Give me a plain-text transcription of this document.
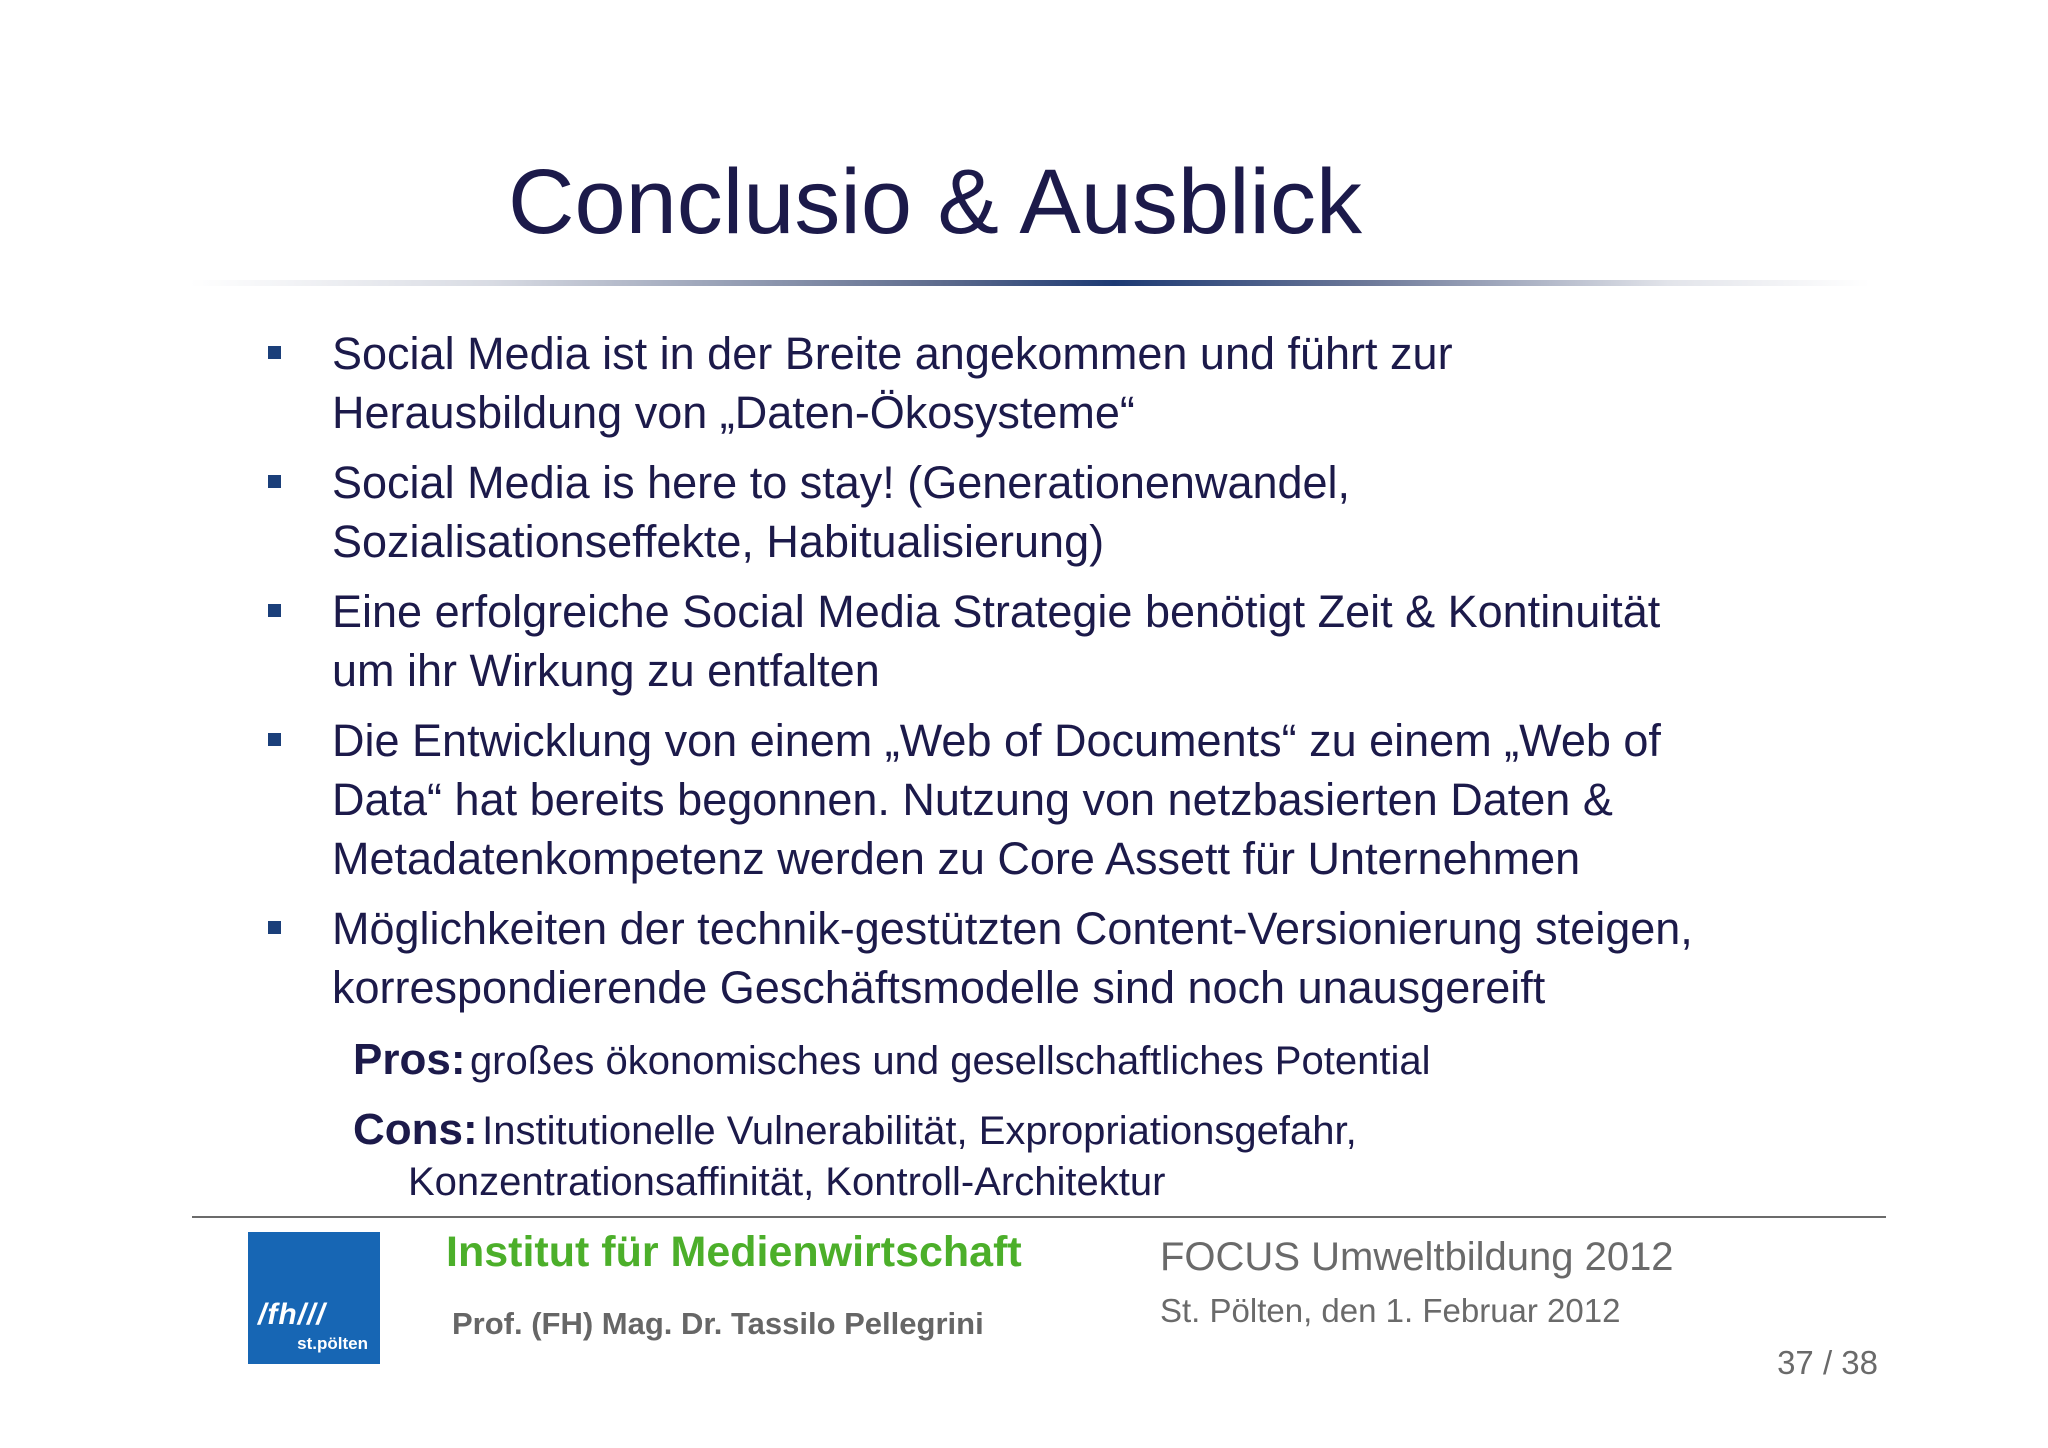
Conclusio & Ausblick
Social Media ist in der Breite angekommen und führt zur
Herausbildung von „Daten-Ökosysteme“
Social Media is here to stay! (Generationenwandel,
Sozialisationseffekte, Habitualisierung)
Eine erfolgreiche Social Media Strategie benötigt Zeit & Kontinuität
um ihr Wirkung zu entfalten
Die Entwicklung von einem „Web of Documents“ zu einem „Web of
Data“ hat bereits begonnen. Nutzung von netzbasierten Daten &
Metadatenkompetenz werden zu Core Assett für Unternehmen
Möglichkeiten der technik-gestützten Content-Versionierung steigen,
korrespondierende Geschäftsmodelle sind noch unausgereift
Pros: großes ökonomisches und gesellschaftliches Potential
Cons: Institutionelle Vulnerabilität, Expropriationsgefahr,
Konzentrationsaffinität, Kontroll-Architektur
/fh///
st.pölten
Institut für Medienwirtschaft
Prof. (FH) Mag. Dr. Tassilo Pellegrini
FOCUS Umweltbildung 2012
St. Pölten, den 1. Februar 2012
37 / 38
